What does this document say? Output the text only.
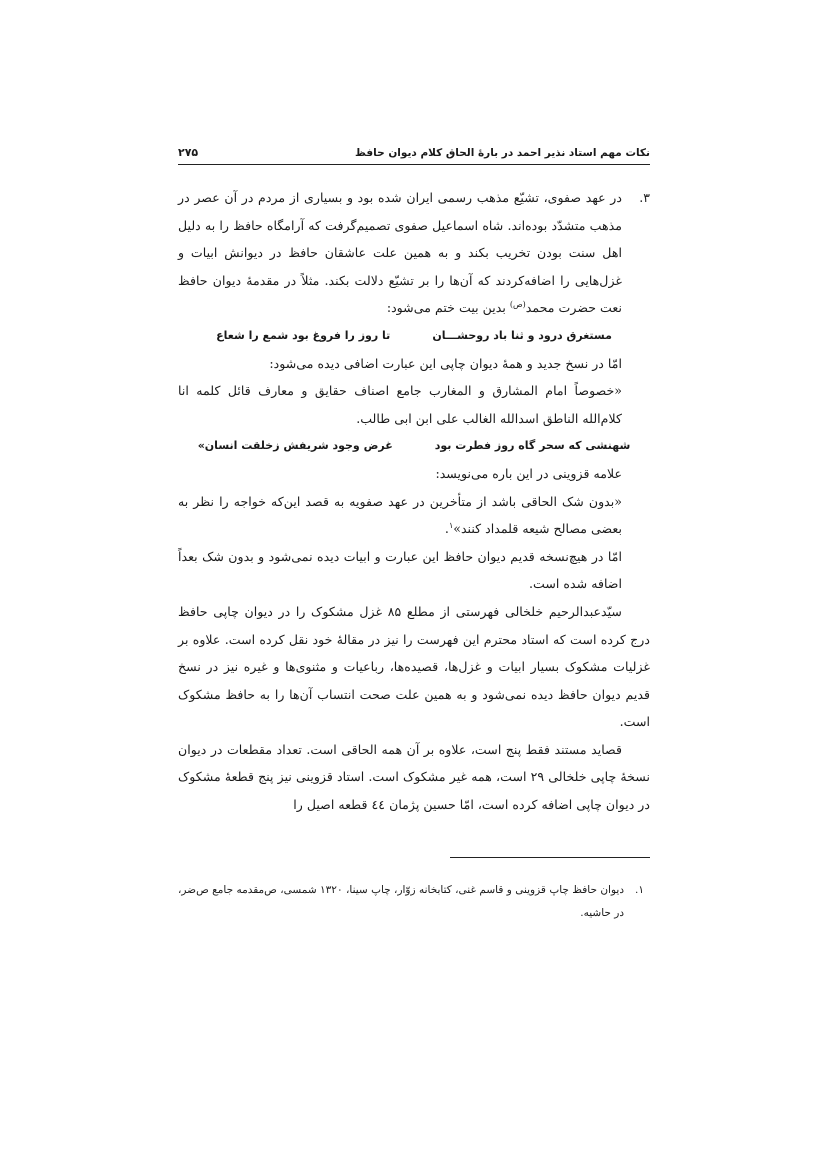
نکات مهم استاد نذیر احمد در بارهٔ الحاق کلام دیوان حافظ
۲۷۵

۳.
در عهد صفوی، تشیّع مذهب رسمی ایران شده بود و بسیاری از مردم در آن عصر در مذهب متشدّد بوده‌اند. شاه اسماعیل صفوی تصمیم‌گرفت که آرامگاه حافظ را به دلیل اهل سنت بودن تخریب بکند و به همین علت عاشقان حافظ در دیوانش ابیات و غزل‌هایی را اضافه‌کردند که آن‌ها را بر تشیّع دلالت بکند. مثلاً در مقدمهٔ دیوان حافظ نعت حضرت محمد$^{(ص)}$ بدین بیت ختم می‌شود:

مستغرق درود و ثنا باد روحشـــان
تا روز را فروغ بود شمع را شعاع

امّا در نسخ جدید و همهٔ دیوان چاپی این عبارت اضافی دیده می‌شود:

«خصوصاً امام المشارق و المغارب جامع اصناف حقایق و معارف قائل کلمه انا کلام‌الله الناطق اسدالله الغالب علی ابن ابی طالب.

شهنشی که سحر گاه روز فطرت بود
غرض وجود شریفش زخلقت انسان»

علامه قزوینی در این باره می‌نویسد:

«بدون شک الحاقی باشد از متأخرین در عهد صفویه به قصد این‌که خواجه را نظر به بعضی مصالح شیعه قلمداد کنند»$^۱$.

امّا در هیچ‌نسخه قدیم دیوان حافظ این عبارت و ابیات دیده نمی‌شود و بدون شک بعداً اضافه شده است.

سیّدعبدالرحیم خلخالی فهرستی از مطلع ۸۵ غزل مشکوک را در دیوان چاپی حافظ درج کرده است که استاد محترم این فهرست را نیز در مقالهٔ خود نقل کرده است. علاوه بر غزلیات مشکوک بسیار ابیات و غزل‌ها، قصیده‌ها، رباعیات و مثنوی‌ها و غیره نیز در نسخ قدیم دیوان حافظ دیده نمی‌شود و به همین علت صحت انتساب آن‌ها را به حافظ مشکوک است.

قصاید مستند فقط پنج است، علاوه بر آن همه الحاقی است. تعداد مقطعات در دیوان نسخهٔ چاپی خلخالی ۲۹ است، همه غیر مشکوک است. استاد قزوینی نیز پنج قطعهٔ مشکوک در دیوان چاپی اضافه کرده است، امّا حسین پژمان ٤٤ قطعه اصیل را

۱.
دیوان حافظ چاپ قزوینی و قاسم غنی، کتابخانه زوّار، چاپ سینا، ۱۳۲۰ شمسی، ص‌مقدمه جامع ص‌ضر، در حاشیه.
